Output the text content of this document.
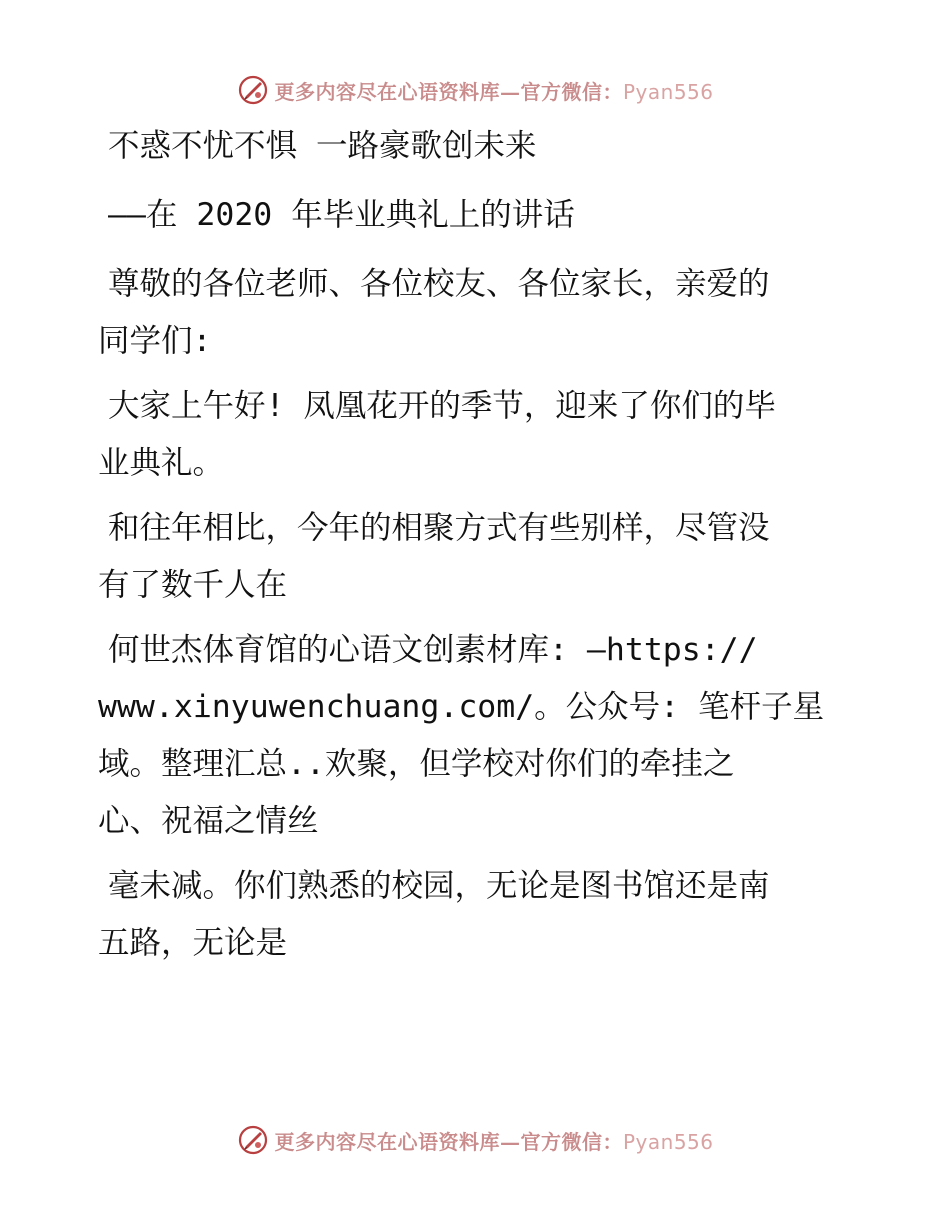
更多内容尽在心语资料库—官方微信：Pyan556

不惑不忧不惧 一路豪歌创未来

——在 2020 年毕业典礼上的讲话

尊敬的各位老师、各位校友、各位家长，亲爱的
同学们:

大家上午好! 凤凰花开的季节，迎来了你们的毕
业典礼。

和往年相比，今年的相聚方式有些别样，尽管没
有了数千人在

何世杰体育馆的心语文创素材库: —https://
www.xinyuwenchuang.com/。公众号: 笔杆子星
域。整理汇总..欢聚，但学校对你们的牵挂之
心、祝福之情丝

毫未减。你们熟悉的校园，无论是图书馆还是南
五路，无论是

更多内容尽在心语资料库—官方微信：Pyan556
